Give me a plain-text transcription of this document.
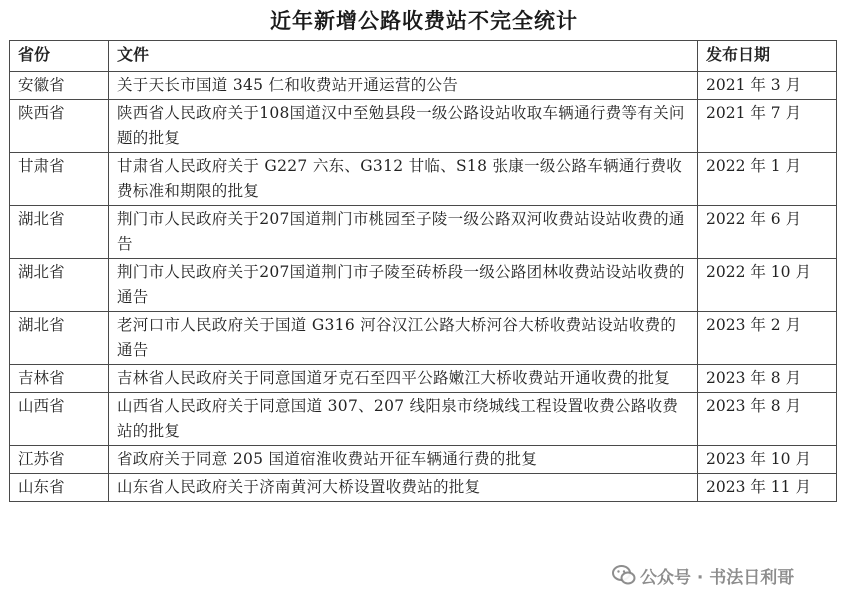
近年新增公路收费站不完全统计
省份	文件	发布日期
安徽省	关于天长市国道 345 仁和收费站开通运营的公告	2021 年 3 月
陕西省	陕西省人民政府关于108国道汉中至勉县段一级公路设站收取车辆通行费等有关问题的批复	2021 年 7 月
甘肃省	甘肃省人民政府关于 G227 六东、G312 甘临、S18 张康一级公路车辆通行费收费标准和期限的批复	2022 年 1 月
湖北省	荆门市人民政府关于207国道荆门市桃园至子陵一级公路双河收费站设站收费的通告	2022 年 6 月
湖北省	荆门市人民政府关于207国道荆门市子陵至砖桥段一级公路团林收费站设站收费的通告	2022 年 10 月
湖北省	老河口市人民政府关于国道 G316 河谷汉江公路大桥河谷大桥收费站设站收费的通告	2023 年 2 月
吉林省	吉林省人民政府关于同意国道牙克石至四平公路嫩江大桥收费站开通收费的批复	2023 年 8 月
山西省	山西省人民政府关于同意国道 307、207 线阳泉市绕城线工程设置收费公路收费站的批复	2023 年 8 月
江苏省	省政府关于同意 205 国道宿淮收费站开征车辆通行费的批复	2023 年 10 月
山东省	山东省人民政府关于济南黄河大桥设置收费站的批复	2023 年 11 月
公众号 · 书法日利哥
